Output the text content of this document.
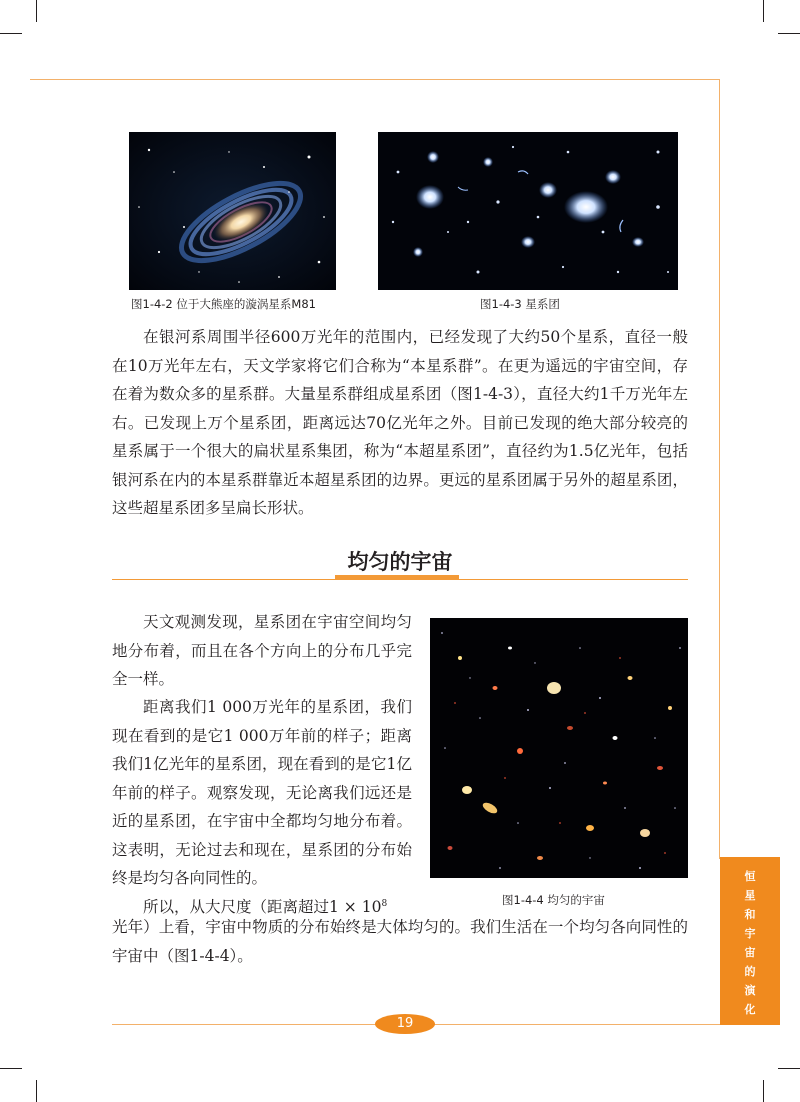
图1-4-2 位于大熊座的漩涡星系M81	图1-4-3 星系团

在银河系周围半径600万光年的范围内，已经发现了大约50个星系，直径一般在10万光年左右，天文学家将它们合称为“本星系群”。在更为遥远的宇宙空间，存在着为数众多的星系群。大量星系群组成星系团（图1-4-3），直径大约1千万光年左右。已发现上万个星系团，距离远达70亿光年之外。目前已发现的绝大部分较亮的星系属于一个很大的扁状星系集团，称为“本超星系团”，直径约为1.5亿光年，包括银河系在内的本星系群靠近本超星系团的边界。更远的星系团属于另外的超星系团，这些超星系团多呈扁长形状。

均匀的宇宙

天文观测发现，星系团在宇宙空间均匀地分布着，而且在各个方向上的分布几乎完全一样。

距离我们1 000万光年的星系团，我们现在看到的是它1 000万年前的样子；距离我们1亿光年的星系团，现在看到的是它1亿年前的样子。观察发现，无论离我们远还是近的星系团，在宇宙中全都均匀地分布着。这表明，无论过去和现在，星系团的分布始终是均匀各向同性的。

所以，从大尺度（距离超过$1 \times 10^8$

光年）上看，宇宙中物质的分布始终是大体均匀的。我们生活在一个均匀各向同性的宇宙中（图1-4-4）。

图1-4-4 均匀的宇宙
恒
星
和
宇
宙
的
演
化
19
